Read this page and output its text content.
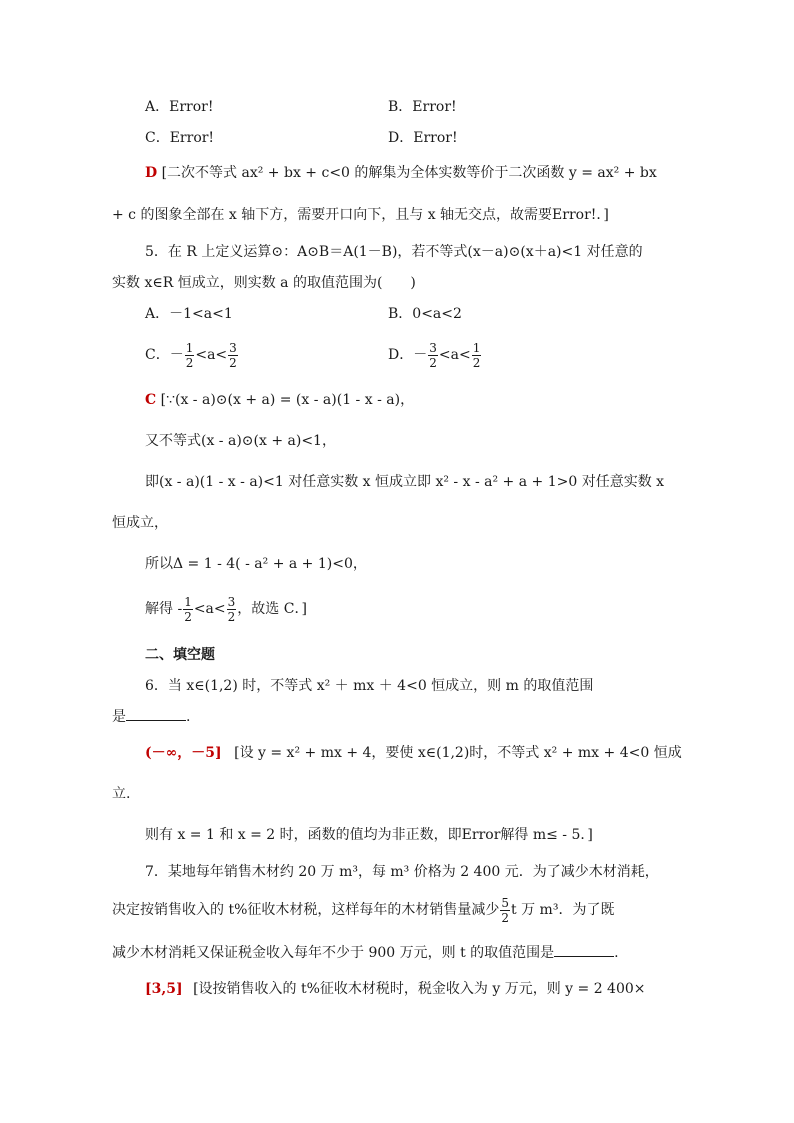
A．Error!	B．Error!
C．Error!	D．Error!
D [二次不等式 ax² + bx + c<0 的解集为全体实数等价于二次函数 y = ax² + bx
+ c 的图象全部在 x 轴下方，需要开口向下，且与 x 轴无交点，故需要Error!．]
5．在 R 上定义运算⊙：A⊙B＝A(1－B)，若不等式(x－a)⊙(x＋a)<1 对任意的
实数 x∈R 恒成立，则实数 a 的取值范围为(　　)
A．－1<a<1	B．0<a<2
C．－ $\frac{1}{2} <a< \frac{3}{2}$	D．－ $\frac{3}{2} <a< \frac{1}{2}$
C [∵(x - a)⊙(x + a) = (x - a)(1 - x - a)，
又不等式(x - a)⊙(x + a)<1，
即(x - a)(1 - x - a)<1 对任意实数 x 恒成立即 x² - x - a² + a + 1>0 对任意实数 x
恒成立，
所以Δ = 1 - 4( - a² + a + 1)<0，
解得 - $\frac{1}{2} <a< \frac{3}{2}$ ，故选 C．]
二、填空题
6．当 x∈(1,2) 时，不等式 x² ＋ mx ＋ 4<0 恒成立，则 m 的取值范围
是	.
(－∞，－5] [设 y = x² + mx + 4，要使 x∈(1,2)时，不等式 x² + mx + 4<0 恒成
立.
则有 x = 1 和 x = 2 时，函数的值均为非正数，即Error解得 m≤ - 5．]
7．某地每年销售木材约 20 万 m³，每 m³ 价格为 2 400 元．为了减少木材消耗，
决定按销售收入的 t%征收木材税，这样每年的木材销售量减少 $\frac{5}{2}$ t 万 m³．为了既
减少木材消耗又保证税金收入每年不少于 900 万元，则 t 的取值范围是	.
[3,5] [设按销售收入的 t%征收木材税时，税金收入为 y 万元，则 y = 2 400×
